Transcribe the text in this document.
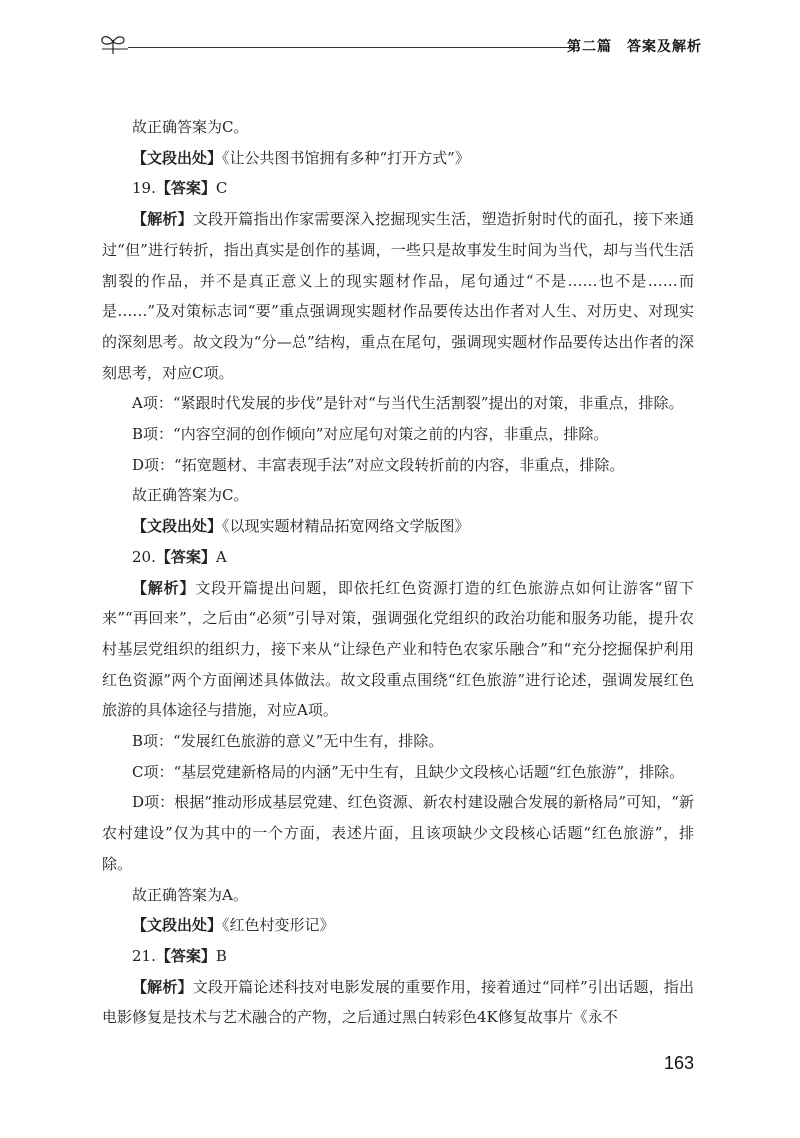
第二篇　答案及解析

故正确答案为C。

【文段出处】《让公共图书馆拥有多种“打开方式”》

19.【答案】C

【解析】文段开篇指出作家需要深入挖掘现实生活，塑造折射时代的面孔，接下来通过“但”进行转折，指出真实是创作的基调，一些只是故事发生时间为当代，却与当代生活割裂的作品，并不是真正意义上的现实题材作品，尾句通过“不是……也不是……而是……”及对策标志词“要”重点强调现实题材作品要传达出作者对人生、对历史、对现实的深刻思考。故文段为“分—总”结构，重点在尾句，强调现实题材作品要传达出作者的深刻思考，对应C项。

A项：“紧跟时代发展的步伐”是针对“与当代生活割裂”提出的对策，非重点，排除。

B项：“内容空洞的创作倾向”对应尾句对策之前的内容，非重点，排除。

D项：“拓宽题材、丰富表现手法”对应文段转折前的内容，非重点，排除。

故正确答案为C。

【文段出处】《以现实题材精品拓宽网络文学版图》

20.【答案】A

【解析】文段开篇提出问题，即依托红色资源打造的红色旅游点如何让游客“留下来”“再回来”，之后由“必须”引导对策，强调强化党组织的政治功能和服务功能，提升农村基层党组织的组织力，接下来从“让绿色产业和特色农家乐融合”和“充分挖掘保护利用红色资源”两个方面阐述具体做法。故文段重点围绕“红色旅游”进行论述，强调发展红色旅游的具体途径与措施，对应A项。

B项：“发展红色旅游的意义”无中生有，排除。

C项：“基层党建新格局的内涵”无中生有，且缺少文段核心话题“红色旅游”，排除。

D项：根据“推动形成基层党建、红色资源、新农村建设融合发展的新格局”可知，“新农村建设”仅为其中的一个方面，表述片面，且该项缺少文段核心话题“红色旅游”，排除。

故正确答案为A。

【文段出处】《红色村变形记》

21.【答案】B

【解析】文段开篇论述科技对电影发展的重要作用，接着通过“同样”引出话题，指出电影修复是技术与艺术融合的产物，之后通过黑白转彩色4K修复故事片《永不

163
